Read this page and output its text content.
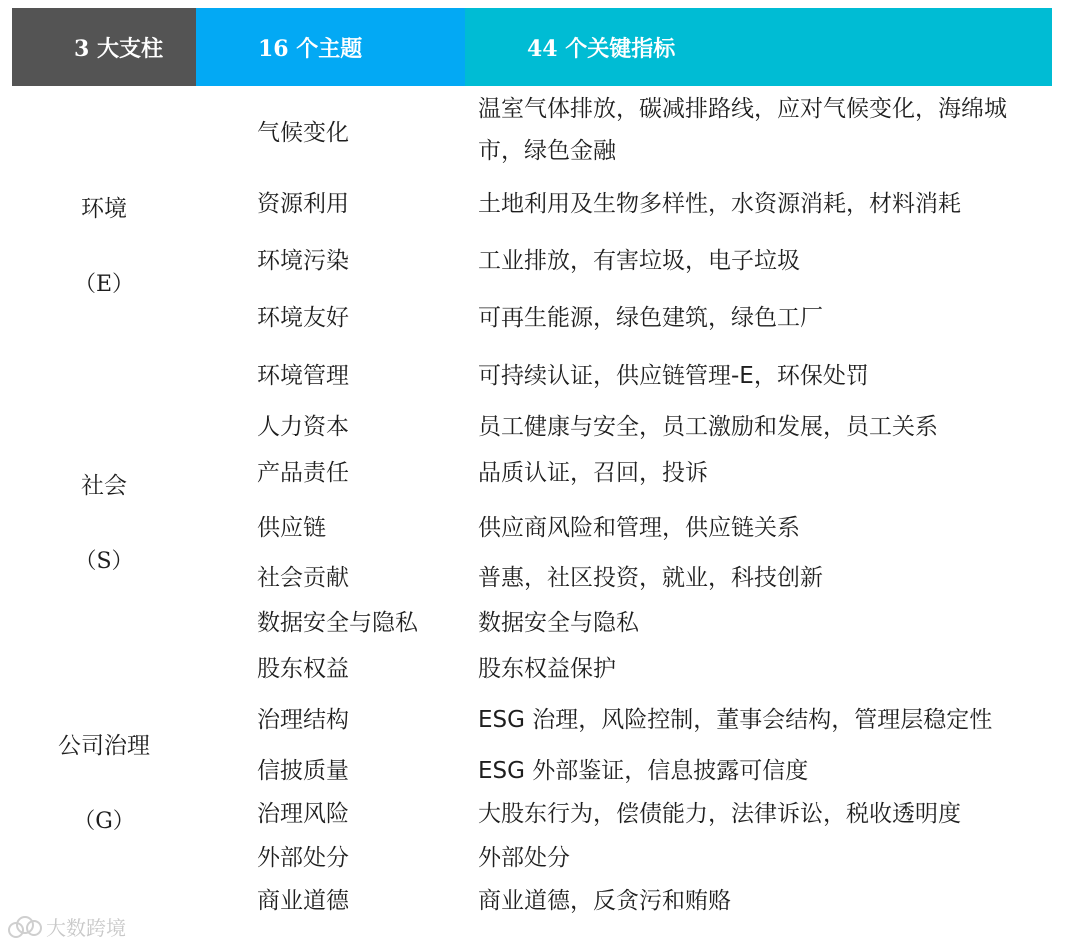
3 大支柱	16 个主题	44 个关键指标
环境
（E）
社会
（S）
公司治理
（G）
气候变化
资源利用
环境污染
环境友好
环境管理
人力资本
产品责任
供应链
社会贡献
数据安全与隐私
股东权益
治理结构
信披质量
治理风险
外部处分
商业道德
温室气体排放，碳减排路线，应对气候变化，海绵城市，绿色金融
土地利用及生物多样性，水资源消耗，材料消耗
工业排放，有害垃圾，电子垃圾
可再生能源，绿色建筑，绿色工厂
可持续认证，供应链管理-E，环保处罚
员工健康与安全，员工激励和发展，员工关系
品质认证，召回，投诉
供应商风险和管理，供应链关系
普惠，社区投资，就业，科技创新
数据安全与隐私
股东权益保护
ESG 治理，风险控制，董事会结构，管理层稳定性
ESG 外部鉴证，信息披露可信度
大股东行为，偿债能力，法律诉讼，税收透明度
外部处分
商业道德，反贪污和贿赂
大数跨境
